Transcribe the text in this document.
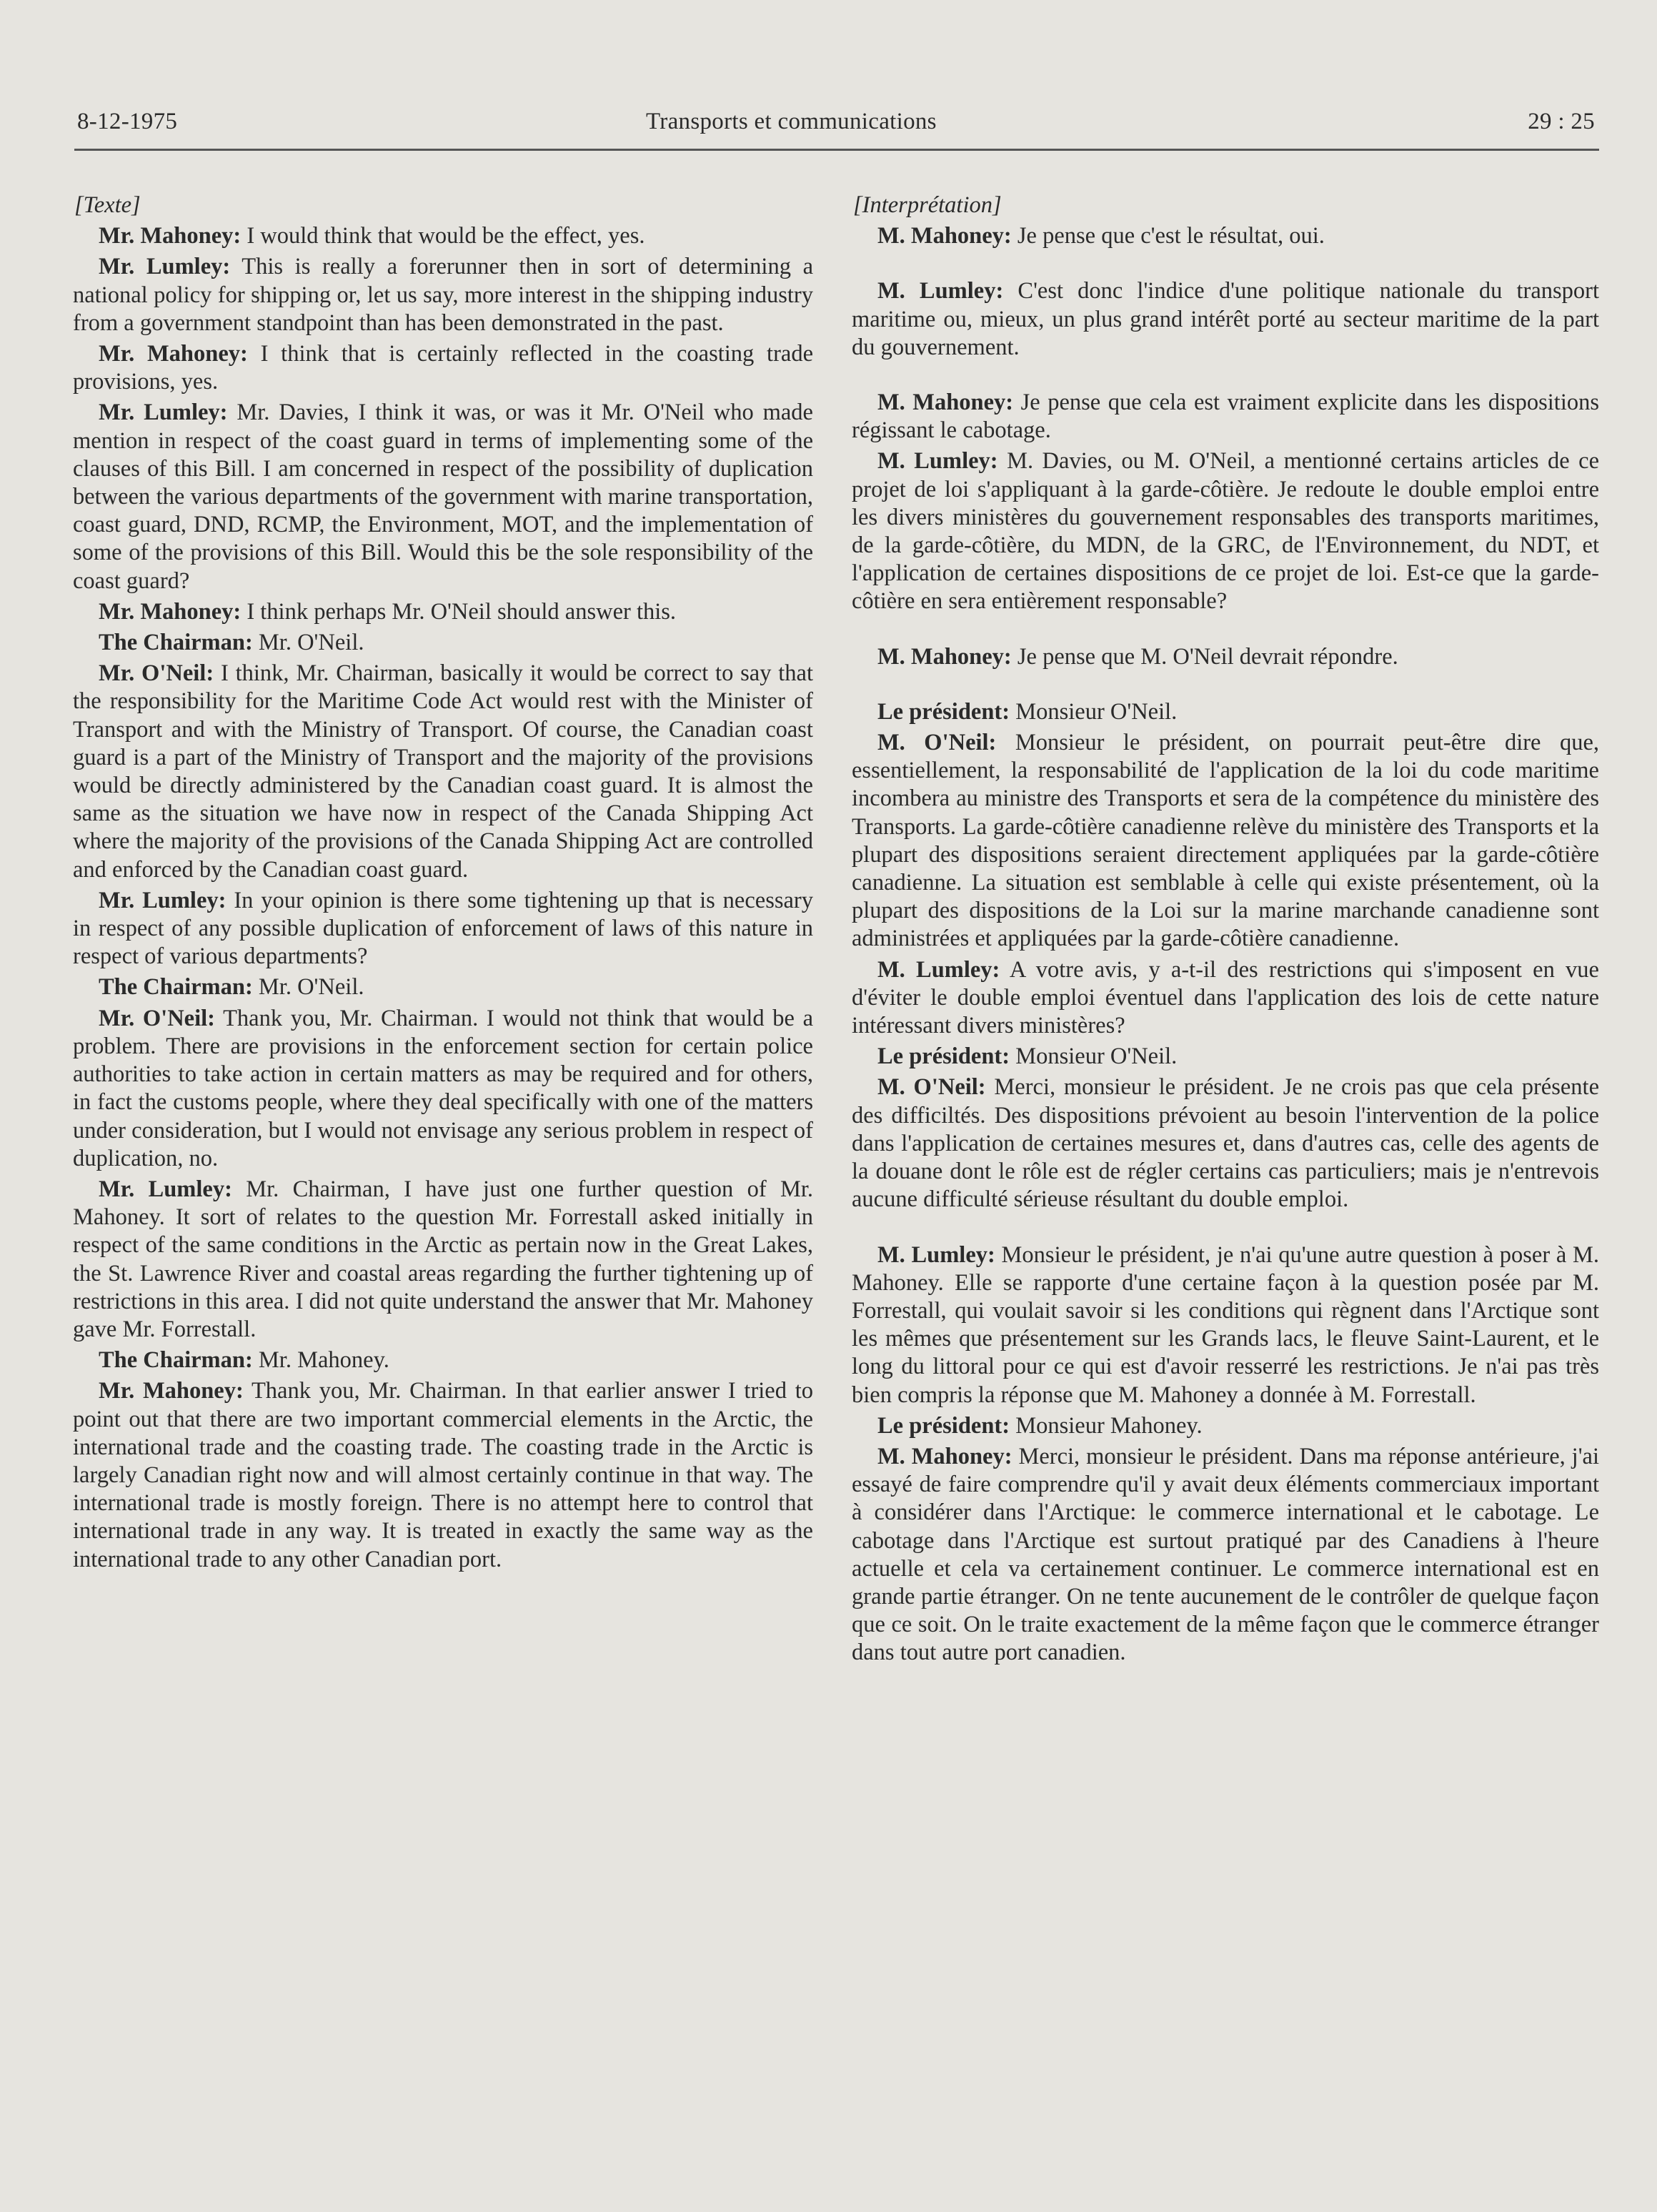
8-12-1975	Transports et communications	29 : 25
[Texte]

Mr. Mahoney: I would think that would be the effect, yes.

Mr. Lumley: This is really a forerunner then in sort of determining a national policy for shipping or, let us say, more interest in the shipping industry from a government standpoint than has been demonstrated in the past.

Mr. Mahoney: I think that is certainly reflected in the coasting trade provisions, yes.

Mr. Lumley: Mr. Davies, I think it was, or was it Mr. O'Neil who made mention in respect of the coast guard in terms of implementing some of the clauses of this Bill. I am concerned in respect of the possibility of duplication between the various departments of the government with marine transportation, coast guard, DND, RCMP, the Environment, MOT, and the implementation of some of the provisions of this Bill. Would this be the sole responsibility of the coast guard?

Mr. Mahoney: I think perhaps Mr. O'Neil should answer this.

The Chairman: Mr. O'Neil.

Mr. O'Neil: I think, Mr. Chairman, basically it would be correct to say that the responsibility for the Maritime Code Act would rest with the Minister of Transport and with the Ministry of Transport. Of course, the Canadian coast guard is a part of the Ministry of Transport and the majority of the provisions would be directly administered by the Canadian coast guard. It is almost the same as the situation we have now in respect of the Canada Shipping Act where the majority of the provisions of the Canada Shipping Act are controlled and enforced by the Canadian coast guard.

Mr. Lumley: In your opinion is there some tightening up that is necessary in respect of any possible duplication of enforcement of laws of this nature in respect of various departments?

The Chairman: Mr. O'Neil.

Mr. O'Neil: Thank you, Mr. Chairman. I would not think that would be a problem. There are provisions in the enforcement section for certain police authorities to take action in certain matters as may be required and for others, in fact the customs people, where they deal specifically with one of the matters under consideration, but I would not envisage any serious problem in respect of duplication, no.

Mr. Lumley: Mr. Chairman, I have just one further question of Mr. Mahoney. It sort of relates to the question Mr. Forrestall asked initially in respect of the same conditions in the Arctic as pertain now in the Great Lakes, the St. Lawrence River and coastal areas regarding the further tightening up of restrictions in this area. I did not quite understand the answer that Mr. Mahoney gave Mr. Forrestall.

The Chairman: Mr. Mahoney.

Mr. Mahoney: Thank you, Mr. Chairman. In that earlier answer I tried to point out that there are two important commercial elements in the Arctic, the international trade and the coasting trade. The coasting trade in the Arctic is largely Canadian right now and will almost certainly continue in that way. The international trade is mostly foreign. There is no attempt here to control that international trade in any way. It is treated in exactly the same way as the international trade to any other Canadian port.

[Interprétation]

M. Mahoney: Je pense que c'est le résultat, oui.

M. Lumley: C'est donc l'indice d'une politique nationale du transport maritime ou, mieux, un plus grand intérêt porté au secteur maritime de la part du gouvernement.

M. Mahoney: Je pense que cela est vraiment explicite dans les dispositions régissant le cabotage.

M. Lumley: M. Davies, ou M. O'Neil, a mentionné certains articles de ce projet de loi s'appliquant à la garde-côtière. Je redoute le double emploi entre les divers ministères du gouvernement responsables des transports maritimes, de la garde-côtière, du MDN, de la GRC, de l'Environnement, du NDT, et l'application de certaines dispositions de ce projet de loi. Est-ce que la garde-côtière en sera entièrement responsable?

M. Mahoney: Je pense que M. O'Neil devrait répondre.

Le président: Monsieur O'Neil.

M. O'Neil: Monsieur le président, on pourrait peut-être dire que, essentiellement, la responsabilité de l'application de la loi du code maritime incombera au ministre des Transports et sera de la compétence du ministère des Transports. La garde-côtière canadienne relève du ministère des Transports et la plupart des dispositions seraient directement appliquées par la garde-côtière canadienne. La situation est semblable à celle qui existe présentement, où la plupart des dispositions de la Loi sur la marine marchande canadienne sont administrées et appliquées par la garde-côtière canadienne.

M. Lumley: A votre avis, y a-t-il des restrictions qui s'imposent en vue d'éviter le double emploi éventuel dans l'application des lois de cette nature intéressant divers ministères?

Le président: Monsieur O'Neil.

M. O'Neil: Merci, monsieur le président. Je ne crois pas que cela présente des difficiltés. Des dispositions prévoient au besoin l'intervention de la police dans l'application de certaines mesures et, dans d'autres cas, celle des agents de la douane dont le rôle est de régler certains cas particuliers; mais je n'entrevois aucune difficulté sérieuse résultant du double emploi.

M. Lumley: Monsieur le président, je n'ai qu'une autre question à poser à M. Mahoney. Elle se rapporte d'une certaine façon à la question posée par M. Forrestall, qui voulait savoir si les conditions qui règnent dans l'Arctique sont les mêmes que présentement sur les Grands lacs, le fleuve Saint-Laurent, et le long du littoral pour ce qui est d'avoir resserré les restrictions. Je n'ai pas très bien compris la réponse que M. Mahoney a donnée à M. Forrestall.

Le président: Monsieur Mahoney.

M. Mahoney: Merci, monsieur le président. Dans ma réponse antérieure, j'ai essayé de faire comprendre qu'il y avait deux éléments commerciaux important à considérer dans l'Arctique: le commerce international et le cabotage. Le cabotage dans l'Arctique est surtout pratiqué par des Canadiens à l'heure actuelle et cela va certainement continuer. Le commerce international est en grande partie étranger. On ne tente aucunement de le contrôler de quelque façon que ce soit. On le traite exactement de la même façon que le commerce étranger dans tout autre port canadien.
